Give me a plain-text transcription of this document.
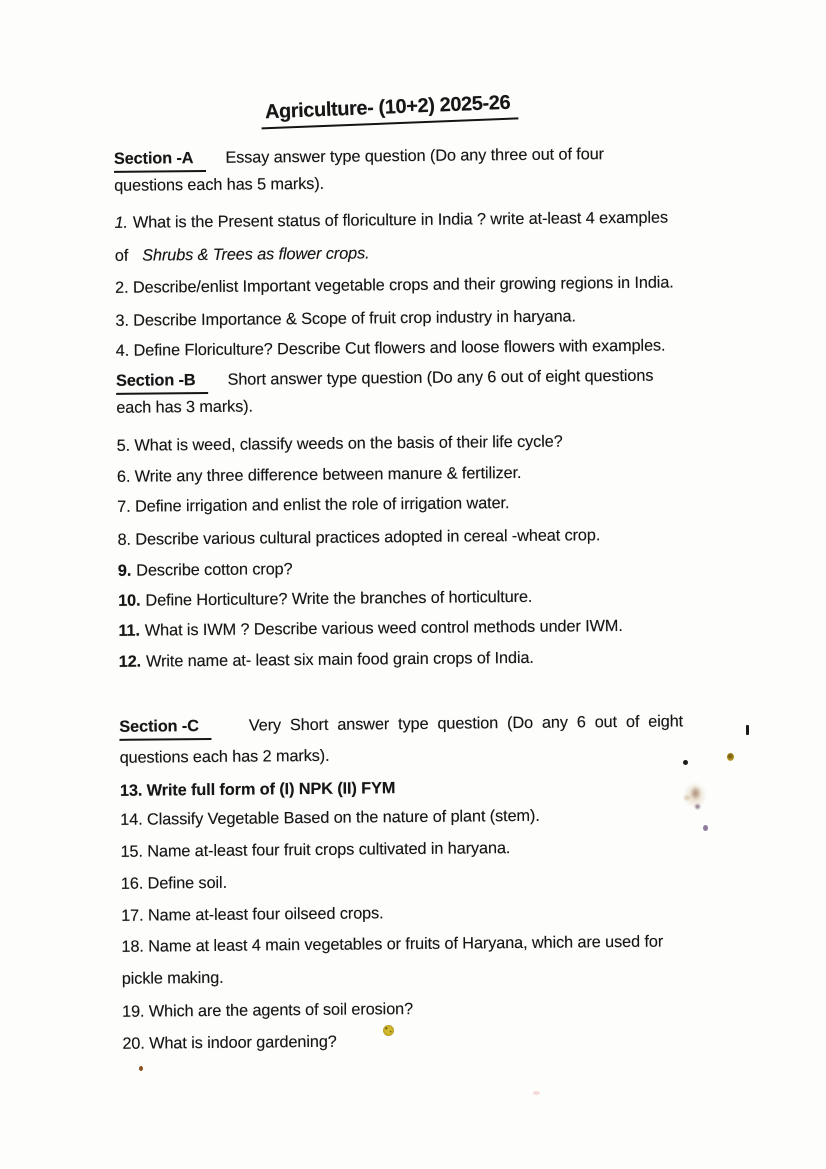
Agriculture- (10+2) 2025-26
Section -A Essay answer type question (Do any three out of four
questions each has 5 marks).
1. What is the Present status of floriculture in India ? write at-least 4 examples
of Shrubs & Trees as flower crops.
2. Describe/enlist Important vegetable crops and their growing regions in India.
3. Describe Importance & Scope of fruit crop industry in haryana.
4. Define Floriculture? Describe Cut flowers and loose flowers with examples.
Section -B Short answer type question (Do any 6 out of eight questions
each has 3 marks).
5. What is weed, classify weeds on the basis of their life cycle?
6. Write any three difference between manure & fertilizer.
7. Define irrigation and enlist the role of irrigation water.
8. Describe various cultural practices adopted in cereal -wheat crop.
9. Describe cotton crop?
10. Define Horticulture? Write the branches of horticulture.
11. What is IWM ? Describe various weed control methods under IWM.
12. Write name at- least six main food grain crops of India.
Section -C	Very Short answer type question (Do any 6 out of eight
questions each has 2 marks).
13. Write full form of (I) NPK (II) FYM
14. Classify Vegetable Based on the nature of plant (stem).
15. Name at-least four fruit crops cultivated in haryana.
16. Define soil.
17. Name at-least four oilseed crops.
18. Name at least 4 main vegetables or fruits of Haryana, which are used for
pickle making.
19. Which are the agents of soil erosion?
20. What is indoor gardening?
